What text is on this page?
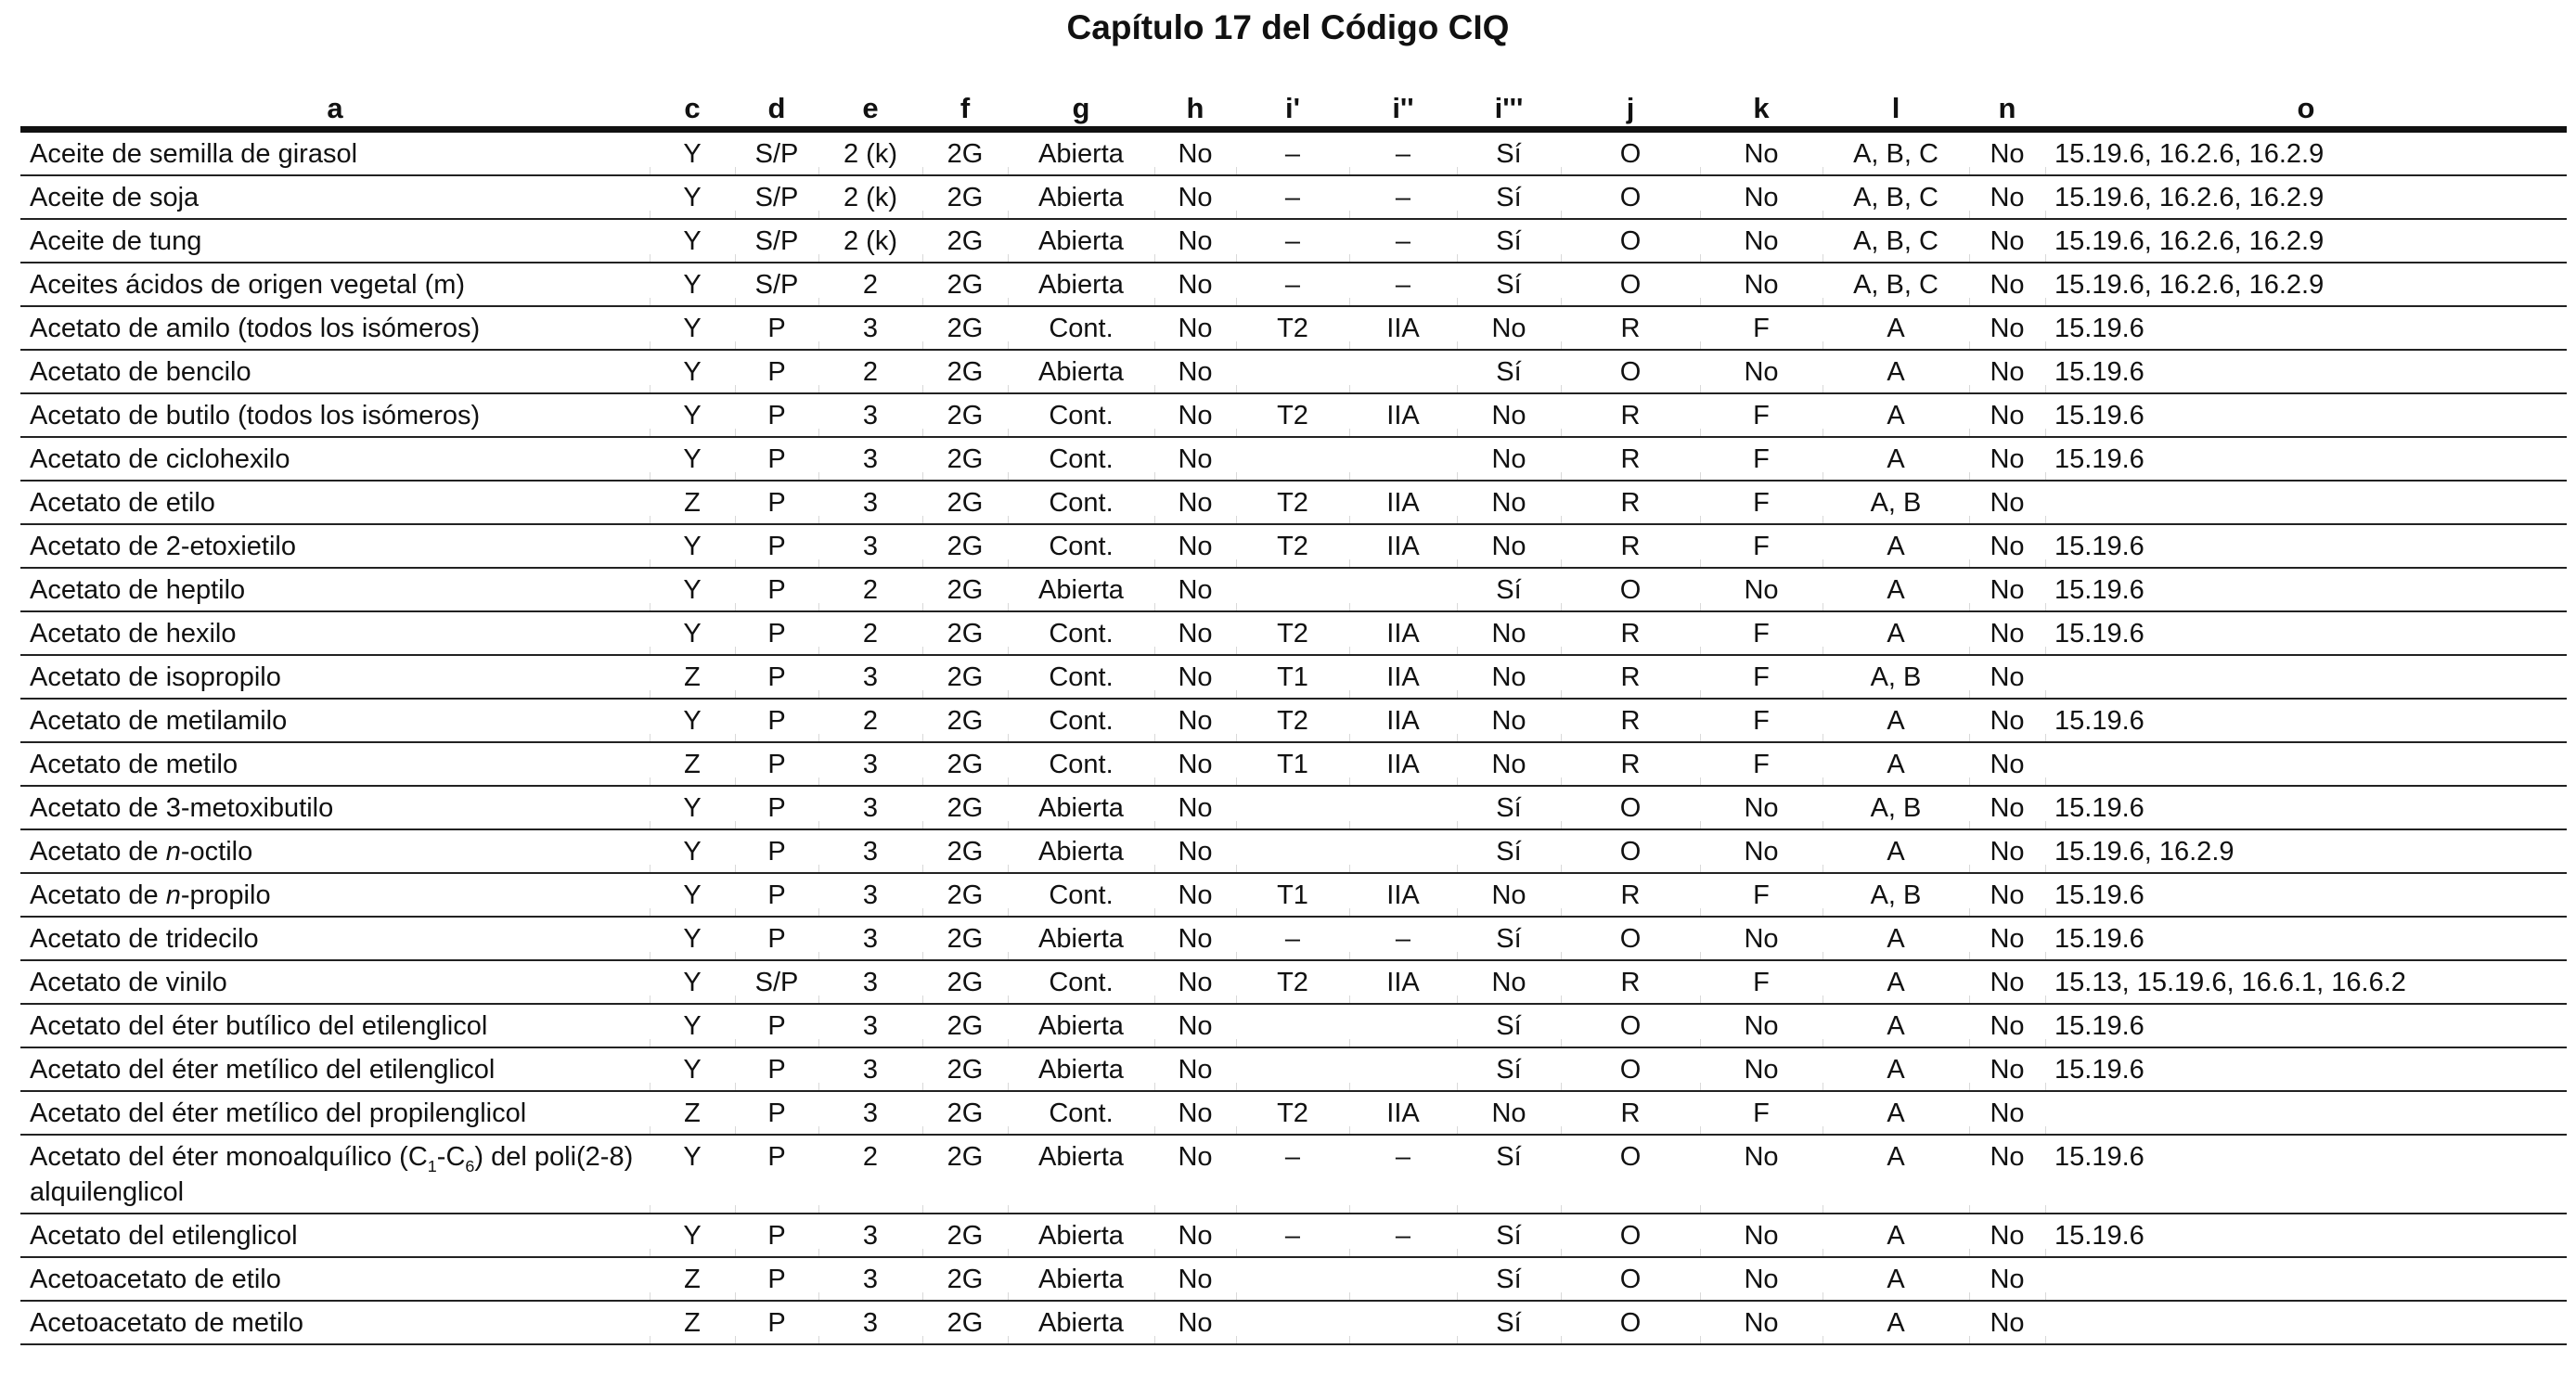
Capítulo 17 del Código CIQ
a	c	d	e	f	g	h	i'	i''	i'''	j	k	l	n	o
Aceite de semilla de girasol	Y	S/P	2 (k)	2G	Abierta	No	–	–	Sí	O	No	A, B, C	No	15.19.6, 16.2.6, 16.2.9
Aceite de soja	Y	S/P	2 (k)	2G	Abierta	No	–	–	Sí	O	No	A, B, C	No	15.19.6, 16.2.6, 16.2.9
Aceite de tung	Y	S/P	2 (k)	2G	Abierta	No	–	–	Sí	O	No	A, B, C	No	15.19.6, 16.2.6, 16.2.9
Aceites ácidos de origen vegetal (m)	Y	S/P	2	2G	Abierta	No	–	–	Sí	O	No	A, B, C	No	15.19.6, 16.2.6, 16.2.9
Acetato de amilo (todos los isómeros)	Y	P	3	2G	Cont.	No	T2	IIA	No	R	F	A	No	15.19.6
Acetato de bencilo	Y	P	2	2G	Abierta	No			Sí	O	No	A	No	15.19.6
Acetato de butilo (todos los isómeros)	Y	P	3	2G	Cont.	No	T2	IIA	No	R	F	A	No	15.19.6
Acetato de ciclohexilo	Y	P	3	2G	Cont.	No			No	R	F	A	No	15.19.6
Acetato de etilo	Z	P	3	2G	Cont.	No	T2	IIA	No	R	F	A, B	No	
Acetato de 2-etoxietilo	Y	P	3	2G	Cont.	No	T2	IIA	No	R	F	A	No	15.19.6
Acetato de heptilo	Y	P	2	2G	Abierta	No			Sí	O	No	A	No	15.19.6
Acetato de hexilo	Y	P	2	2G	Cont.	No	T2	IIA	No	R	F	A	No	15.19.6
Acetato de isopropilo	Z	P	3	2G	Cont.	No	T1	IIA	No	R	F	A, B	No	
Acetato de metilamilo	Y	P	2	2G	Cont.	No	T2	IIA	No	R	F	A	No	15.19.6
Acetato de metilo	Z	P	3	2G	Cont.	No	T1	IIA	No	R	F	A	No	
Acetato de 3-metoxibutilo	Y	P	3	2G	Abierta	No			Sí	O	No	A, B	No	15.19.6
Acetato de n-octilo	Y	P	3	2G	Abierta	No			Sí	O	No	A	No	15.19.6, 16.2.9
Acetato de n-propilo	Y	P	3	2G	Cont.	No	T1	IIA	No	R	F	A, B	No	15.19.6
Acetato de tridecilo	Y	P	3	2G	Abierta	No	–	–	Sí	O	No	A	No	15.19.6
Acetato de vinilo	Y	S/P	3	2G	Cont.	No	T2	IIA	No	R	F	A	No	15.13, 15.19.6, 16.6.1, 16.6.2
Acetato del éter butílico del etilenglicol	Y	P	3	2G	Abierta	No			Sí	O	No	A	No	15.19.6
Acetato del éter metílico del etilenglicol	Y	P	3	2G	Abierta	No			Sí	O	No	A	No	15.19.6
Acetato del éter metílico del propilenglicol	Z	P	3	2G	Cont.	No	T2	IIA	No	R	F	A	No	
Acetato del éter monoalquílico $(C_1-C_6)$ del poli(2-8) alquilenglicol	Y	P	2	2G	Abierta	No	–	–	Sí	O	No	A	No	15.19.6
Acetato del etilenglicol	Y	P	3	2G	Abierta	No	–	–	Sí	O	No	A	No	15.19.6
Acetoacetato de etilo	Z	P	3	2G	Abierta	No			Sí	O	No	A	No	
Acetoacetato de metilo	Z	P	3	2G	Abierta	No			Sí	O	No	A	No	
